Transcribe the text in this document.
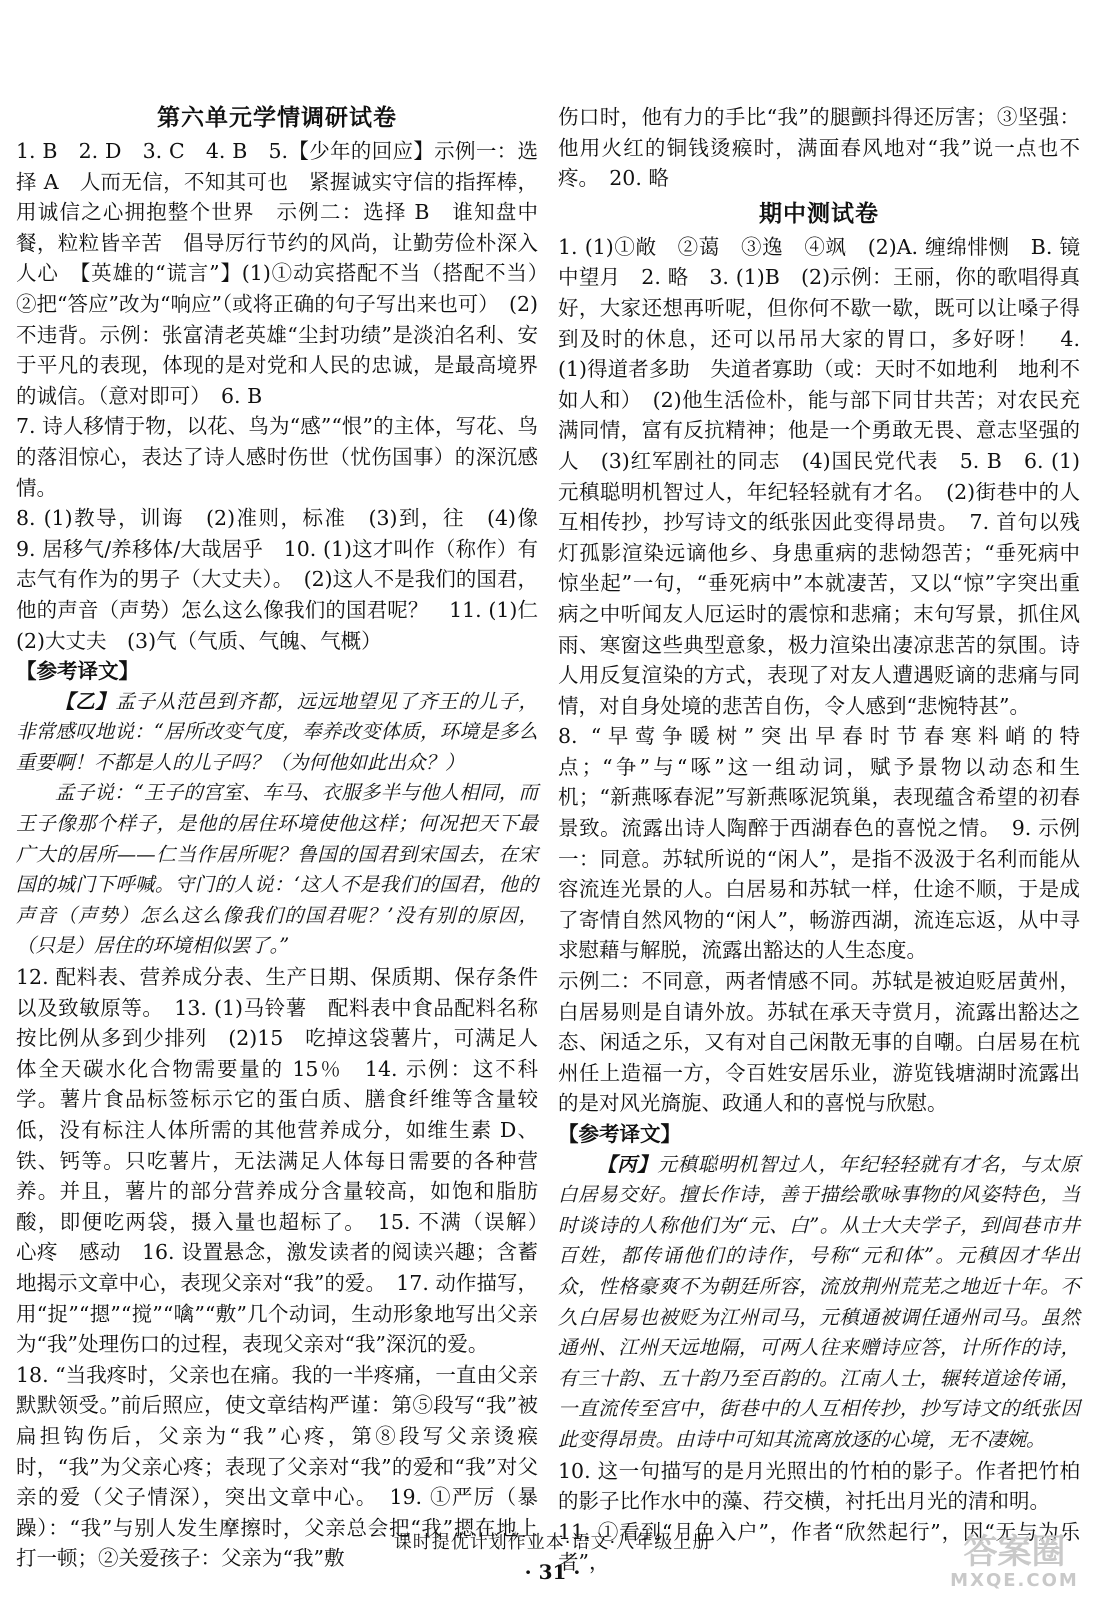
第六单元学情调研试卷

1. B　2. D　3. C　4. B　5.【少年的回应】示例一：选择 A　人而无信，不知其可也　紧握诚实守信的指挥棒，用诚信之心拥抱整个世界　示例二：选择 B　谁知盘中餐，粒粒皆辛苦　倡导厉行节约的风尚，让勤劳俭朴深入人心　【英雄的“谎言”】(1)①动宾搭配不当（搭配不当）　②把“答应”改为“响应”（或将正确的句子写出来也可）　(2)不违背。示例：张富清老英雄“尘封功绩”是淡泊名利、安于平凡的表现，体现的是对党和人民的忠诚，是最高境界的诚信。（意对即可）　6. B

7. 诗人移情于物，以花、鸟为“感”“恨”的主体，写花、鸟的落泪惊心，表达了诗人感时伤世（忧伤国事）的深沉感情。

8. (1)教导，训诲　(2)准则，标准　(3)到，往　(4)像　9. 居移气/养移体/大哉居乎　10. (1)这才叫作（称作）有志气有作为的男子（大丈夫）。　(2)这人不是我们的国君，他的声音（声势）怎么这么像我们的国君呢？　11. (1)仁　(2)大丈夫　(3)气（气质、气魄、气概）

【参考译文】

【乙】孟子从范邑到齐都，远远地望见了齐王的儿子，非常感叹地说：“居所改变气度，奉养改变体质，环境是多么重要啊！不都是人的儿子吗？（为何他如此出众？）

孟子说：“王子的宫室、车马、衣服多半与他人相同，而王子像那个样子，是他的居住环境使他这样；何况把天下最广大的居所——仁当作居所呢？鲁国的国君到宋国去，在宋国的城门下呼喊。守门的人说：‘这人不是我们的国君，他的声音（声势）怎么这么像我们的国君呢？’没有别的原因，（只是）居住的环境相似罢了。”

12. 配料表、营养成分表、生产日期、保质期、保存条件以及致敏原等。　13. (1)马铃薯　配料表中食品配料名称按比例从多到少排列　(2)15　吃掉这袋薯片，可满足人体全天碳水化合物需要量的 15％　14. 示例：这不科学。薯片食品标签标示它的蛋白质、膳食纤维等含量较低，没有标注人体所需的其他营养成分，如维生素 D、铁、钙等。只吃薯片，无法满足人体每日需要的各种营养。并且，薯片的部分营养成分含量较高，如饱和脂肪酸，即便吃两袋，摄入量也超标了。　15. 不满（误解）　心疼　感动　16. 设置悬念，激发读者的阅读兴趣；含蓄地揭示文章中心，表现父亲对“我”的爱。　17. 动作描写，用“捉”“摁”“搅”“噙”“敷”几个动词，生动形象地写出父亲为“我”处理伤口的过程，表现父亲对“我”深沉的爱。

18. “当我疼时，父亲也在痛。我的一半疼痛，一直由父亲默默领受。”前后照应，使文章结构严谨：第⑤段写“我”被扁担钩伤后，父亲为“我”心疼，第⑧段写父亲烫瘊时，“我”为父亲心疼；表现了父亲对“我”的爱和“我”对父亲的爱（父子情深），突出文章中心。　19. ①严厉（暴躁）：“我”与别人发生摩擦时，父亲总会把“我”摁在地上打一顿；②关爱孩子：父亲为“我”敷

伤口时，他有力的手比“我”的腿颤抖得还厉害；③坚强：他用火红的铜钱烫瘊时，满面春风地对“我”说一点也不疼。　20. 略

期中测试卷

1. (1)①敞　②蔼　③逸　④飒　(2)A. 缠绵悱恻　B. 镜中望月　2. 略　3. (1)B　(2)示例：王丽，你的歌唱得真好，大家还想再听呢，但你何不歇一歇，既可以让嗓子得到及时的休息，还可以吊吊大家的胃口，多好呀！　4. (1)得道者多助　失道者寡助（或：天时不如地利　地利不如人和）　(2)他生活俭朴，能与部下同甘共苦；对农民充满同情，富有反抗精神；他是一个勇敢无畏、意志坚强的人　(3)红军剧社的同志　(4)国民党代表　5. B　6. (1)元稹聪明机智过人，年纪轻轻就有才名。　(2)街巷中的人互相传抄，抄写诗文的纸张因此变得昂贵。　7. 首句以残灯孤影渲染远谪他乡、身患重病的悲恸怨苦；“垂死病中惊坐起”一句，“垂死病中”本就凄苦，又以“惊”字突出重病之中听闻友人厄运时的震惊和悲痛；末句写景，抓住风雨、寒窗这些典型意象，极力渲染出凄凉悲苦的氛围。诗人用反复渲染的方式，表现了对友人遭遇贬谪的悲痛与同情，对自身处境的悲苦自伤，令人感到“悲惋特甚”。

8. “早莺争暖树”突出早春时节春寒料峭的特点；“争”与“啄”这一组动词，赋予景物以动态和生机；“新燕啄春泥”写新燕啄泥筑巢，表现蕴含希望的初春景致。流露出诗人陶醉于西湖春色的喜悦之情。　9. 示例一：同意。苏轼所说的“闲人”，是指不汲汲于名利而能从容流连光景的人。白居易和苏轼一样，仕途不顺，于是成了寄情自然风物的“闲人”，畅游西湖，流连忘返，从中寻求慰藉与解脱，流露出豁达的人生态度。

示例二：不同意，两者情感不同。苏轼是被迫贬居黄州，白居易则是自请外放。苏轼在承天寺赏月，流露出豁达之态、闲适之乐，又有对自己闲散无事的自嘲。白居易在杭州任上造福一方，令百姓安居乐业，游览钱塘湖时流露出的是对风光旖旎、政通人和的喜悦与欣慰。

【参考译文】

【丙】元稹聪明机智过人，年纪轻轻就有才名，与太原白居易交好。擅长作诗，善于描绘歌咏事物的风姿特色，当时谈诗的人称他们为“元、白”。从士大夫学子，到闾巷市井百姓，都传诵他们的诗作，号称“元和体”。元稹因才华出众，性格豪爽不为朝廷所容，流放荆州荒芜之地近十年。不久白居易也被贬为江州司马，元稹通被调任通州司马。虽然通州、江州天远地隔，可两人往来赠诗应答，计所作的诗，有三十韵、五十韵乃至百韵的。江南人士，辗转道途传诵，一直流传至宫中，街巷中的人互相传抄，抄写诗文的纸张因此变得昂贵。由诗中可知其流离放逐的心境，无不凄婉。

10. 这一句描写的是月光照出的竹柏的影子。作者把竹柏的影子比作水中的藻、荇交横，衬托出月光的清和明。

11. ①看到“月色入户”，作者“欣然起行”，因“无与为乐者”，

课时提优计划作业本·语文·八年级上册
· 31 ·	答案圈
MXQE.COM
